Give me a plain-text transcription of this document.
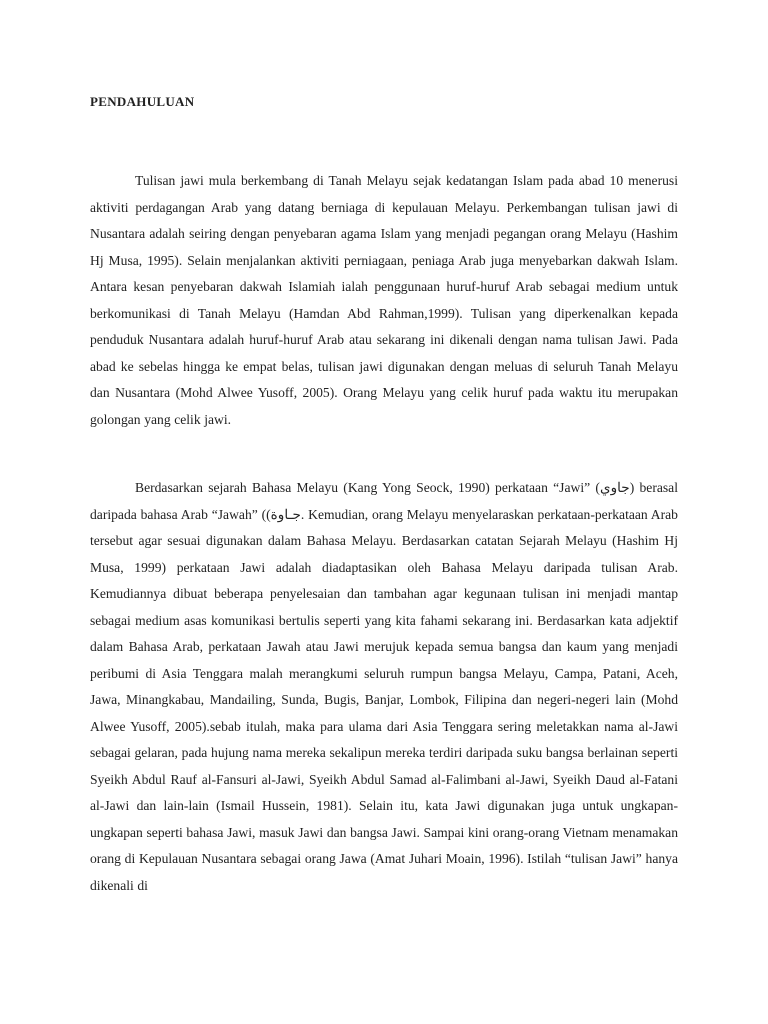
PENDAHULUAN

Tulisan jawi mula berkembang di Tanah Melayu sejak kedatangan Islam pada abad 10 menerusi aktiviti perdagangan Arab yang datang berniaga di kepulauan Melayu. Perkembangan tulisan jawi di Nusantara adalah seiring dengan penyebaran agama Islam yang menjadi pegangan orang Melayu (Hashim Hj Musa, 1995). Selain menjalankan aktiviti perniagaan, peniaga Arab juga menyebarkan dakwah Islam. Antara kesan penyebaran dakwah Islamiah ialah penggunaan huruf-huruf Arab sebagai medium untuk berkomunikasi di Tanah Melayu (Hamdan Abd Rahman,1999). Tulisan yang diperkenalkan kepada penduduk Nusantara adalah huruf-huruf Arab atau sekarang ini dikenali dengan nama tulisan Jawi. Pada abad ke sebelas hingga ke empat belas, tulisan jawi digunakan dengan meluas di seluruh Tanah Melayu dan Nusantara (Mohd Alwee Yusoff, 2005). Orang Melayu yang celik huruf pada waktu itu merupakan golongan yang celik jawi.

Berdasarkan sejarah Bahasa Melayu (Kang Yong Seock, 1990) perkataan “Jawi” (جاوي) berasal daripada bahasa Arab “Jawah” ((جـاوة. Kemudian, orang Melayu menyelaraskan perkataan-perkataan Arab tersebut agar sesuai digunakan dalam Bahasa Melayu. Berdasarkan catatan Sejarah Melayu (Hashim Hj Musa, 1999) perkataan Jawi adalah diadaptasikan oleh Bahasa Melayu daripada tulisan Arab. Kemudiannya dibuat beberapa penyelesaian dan tambahan agar kegunaan tulisan ini menjadi mantap sebagai medium asas komunikasi bertulis seperti yang kita fahami sekarang ini. Berdasarkan kata adjektif dalam Bahasa Arab, perkataan Jawah atau Jawi merujuk kepada semua bangsa dan kaum yang menjadi peribumi di Asia Tenggara malah merangkumi seluruh rumpun bangsa Melayu, Campa, Patani, Aceh, Jawa, Minangkabau, Mandailing, Sunda, Bugis, Banjar, Lombok, Filipina dan negeri-negeri lain (Mohd Alwee Yusoff, 2005).sebab itulah, maka para ulama dari Asia Tenggara sering meletakkan nama al-Jawi sebagai gelaran, pada hujung nama mereka sekalipun mereka terdiri daripada suku bangsa berlainan seperti Syeikh Abdul Rauf al-Fansuri al-Jawi, Syeikh Abdul Samad al-Falimbani al-Jawi, Syeikh Daud al-Fatani al-Jawi dan lain-lain (Ismail Hussein, 1981). Selain itu, kata Jawi digunakan juga untuk ungkapan-ungkapan seperti bahasa Jawi, masuk Jawi dan bangsa Jawi. Sampai kini orang-orang Vietnam menamakan orang di Kepulauan Nusantara sebagai orang Jawa (Amat Juhari Moain, 1996). Istilah “tulisan Jawi” hanya dikenali di
